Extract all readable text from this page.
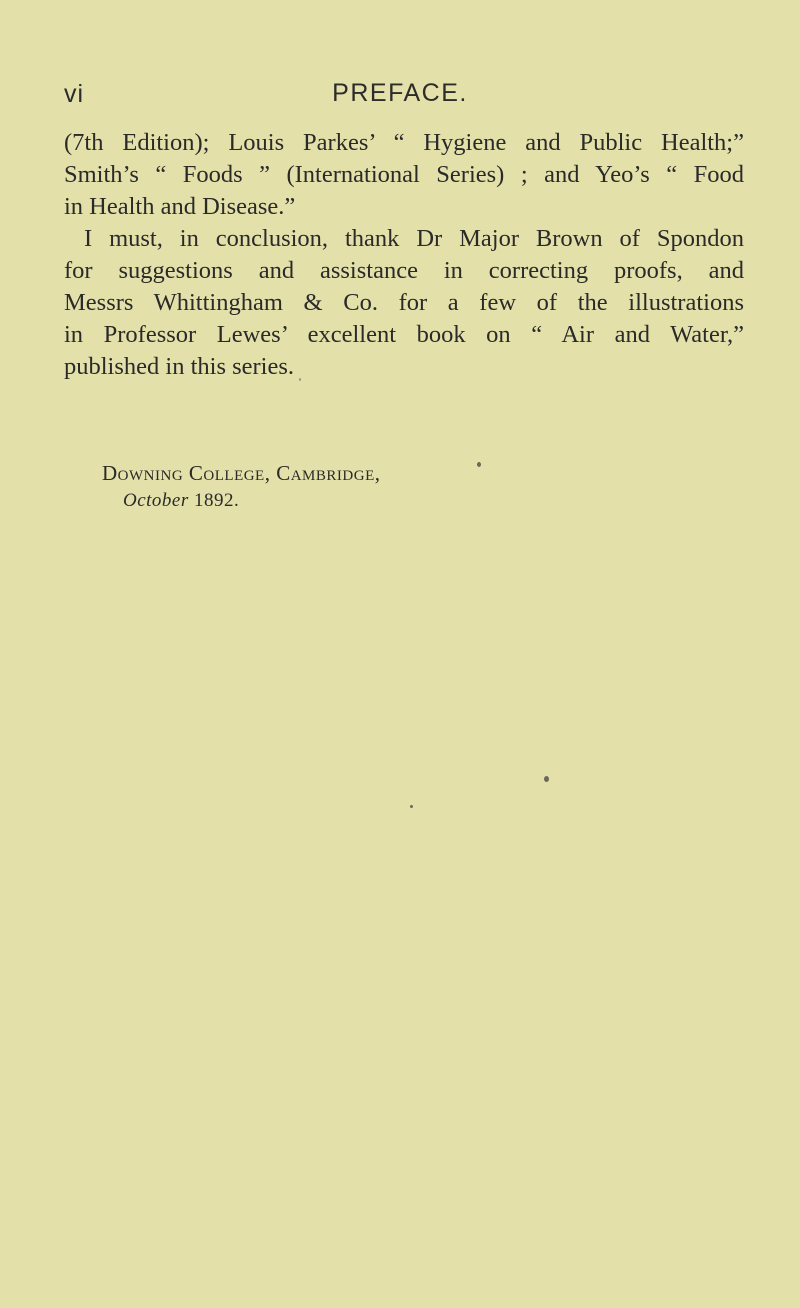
vi	PREFACE.
(7th Edition); Louis Parkes’ “ Hygiene and Public Health;”
Smith’s “ Foods ” (International Series) ; and Yeo’s “ Food
in Health and Disease.”
I must, in conclusion, thank Dr Major Brown of Spondon
for suggestions and assistance in correcting proofs, and
Messrs Whittingham & Co. for a few of the illustrations
in Professor Lewes’ excellent book on “ Air and Water,”
published in this series.
Downing College, Cambridge,
October 1892.
